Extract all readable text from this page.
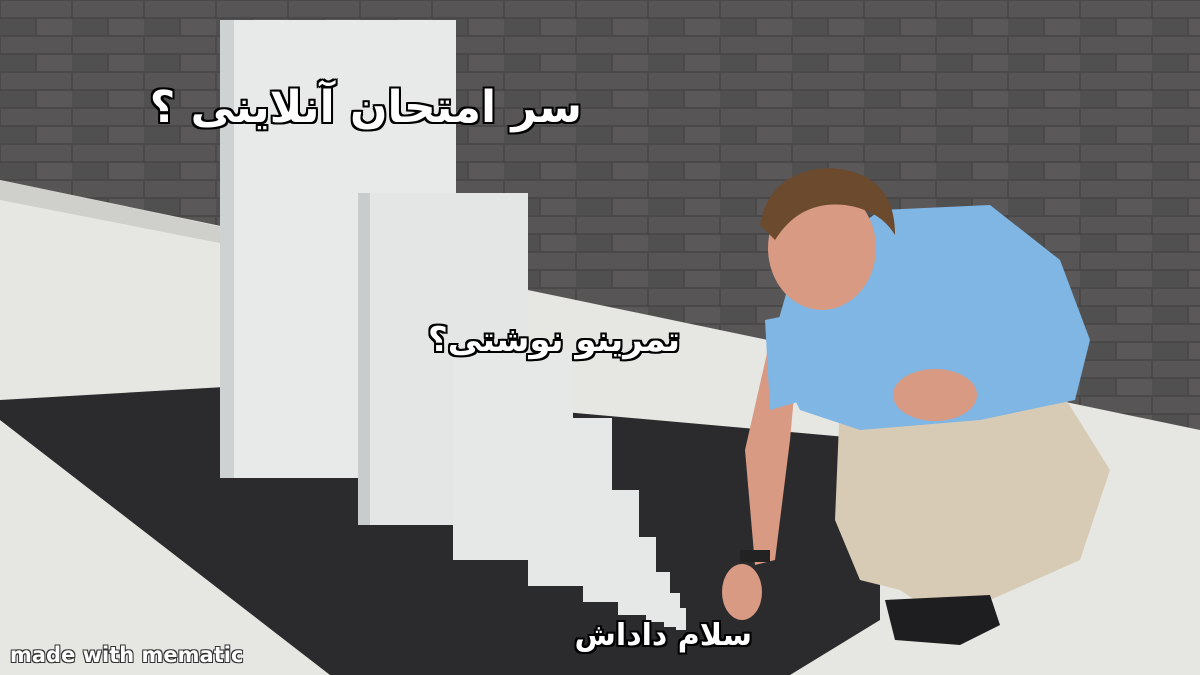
سر امتحان آنلاینی ؟
تمرینو نوشتی؟
سلام داداش
made with mematic
